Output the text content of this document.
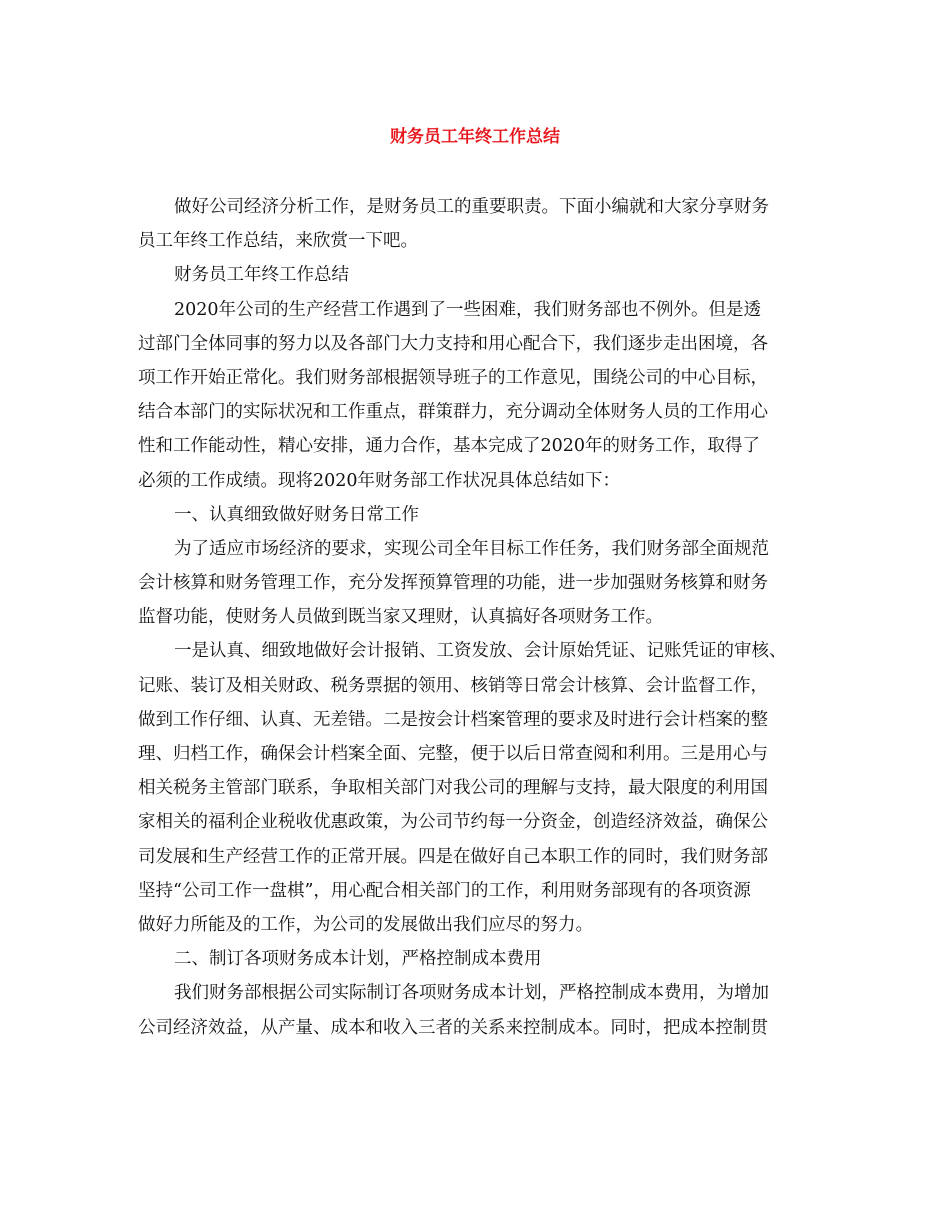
财务员工年终工作总结
做好公司经济分析工作，是财务员工的重要职责。下面小编就和大家分享财务
员工年终工作总结，来欣赏一下吧。
财务员工年终工作总结
2020年公司的生产经营工作遇到了一些困难，我们财务部也不例外。但是透
过部门全体同事的努力以及各部门大力支持和用心配合下，我们逐步走出困境，各
项工作开始正常化。我们财务部根据领导班子的工作意见，围绕公司的中心目标，
结合本部门的实际状况和工作重点，群策群力，充分调动全体财务人员的工作用心
性和工作能动性，精心安排，通力合作，基本完成了2020年的财务工作，取得了
必须的工作成绩。现将2020年财务部工作状况具体总结如下：
一、认真细致做好财务日常工作
为了适应市场经济的要求，实现公司全年目标工作任务，我们财务部全面规范
会计核算和财务管理工作，充分发挥预算管理的功能，进一步加强财务核算和财务
监督功能，使财务人员做到既当家又理财，认真搞好各项财务工作。
一是认真、细致地做好会计报销、工资发放、会计原始凭证、记账凭证的审核、
记账、装订及相关财政、税务票据的领用、核销等日常会计核算、会计监督工作，
做到工作仔细、认真、无差错。二是按会计档案管理的要求及时进行会计档案的整
理、归档工作，确保会计档案全面、完整，便于以后日常查阅和利用。三是用心与
相关税务主管部门联系，争取相关部门对我公司的理解与支持，最大限度的利用国
家相关的福利企业税收优惠政策，为公司节约每一分资金，创造经济效益，确保公
司发展和生产经营工作的正常开展。四是在做好自己本职工作的同时，我们财务部
坚持“公司工作一盘棋”，用心配合相关部门的工作，利用财务部现有的各项资源
做好力所能及的工作，为公司的发展做出我们应尽的努力。
二、制订各项财务成本计划，严格控制成本费用
我们财务部根据公司实际制订各项财务成本计划，严格控制成本费用，为增加
公司经济效益，从产量、成本和收入三者的关系来控制成本。同时，把成本控制贯
